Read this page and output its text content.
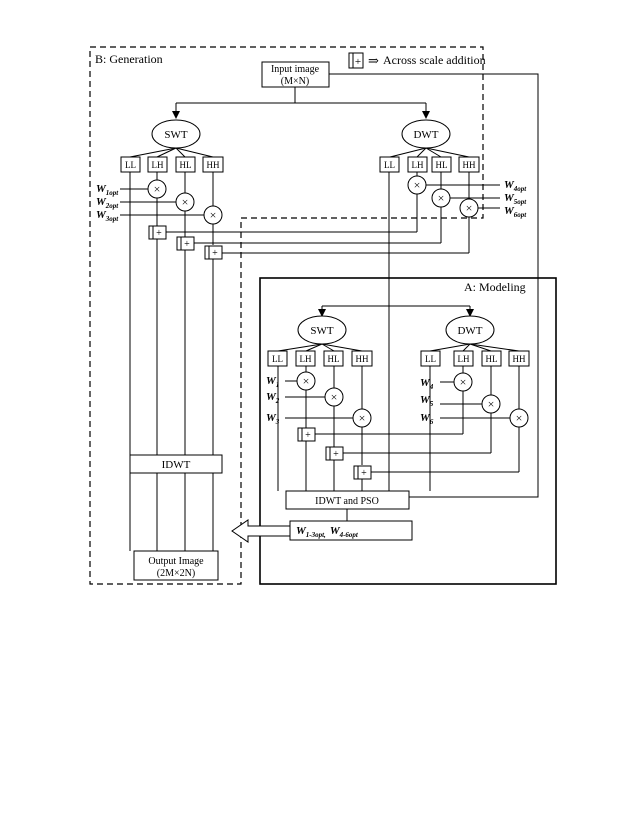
B: Generation
A: Modeling
+ ⇒ Across scale addition
Input image
(M×N)
SWT	DWT
LL LH HL HH	LL LH HL HH
×
×
×
$W_{1opt}$
$W_{2opt}$
$W_{3opt}$
×
×
×
$W_{4opt}$
$W_{5opt}$
$W_{6opt}$
+
+
+
IDWT
Output Image
(2M×2N)
SWT	DWT
LL LH HL HH	LL LH HL HH
×
×
×
$W_1$
$W_2$
$W_3$
×
×
×
$W_4$
$W_5$
$W_6$
+
+
+
IDWT and PSO
$W_{1-3opt,}$ $W_{4-6opt}$
